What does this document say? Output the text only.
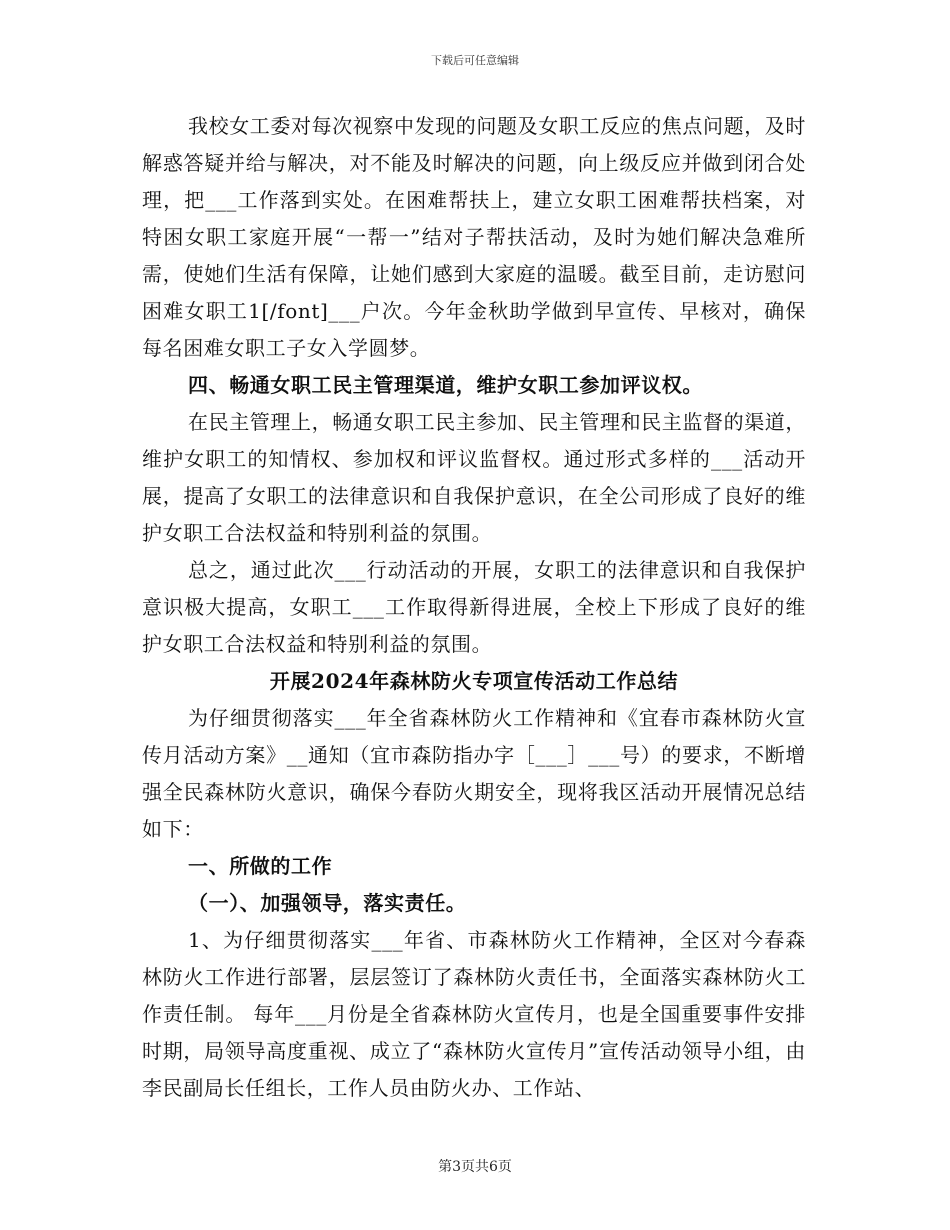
下载后可任意编辑

我校女工委对每次视察中发现的问题及女职工反应的焦点问题，及时解惑答疑并给与解决，对不能及时解决的问题，向上级反应并做到闭合处理，把___工作落到实处。在困难帮扶上，建立女职工困难帮扶档案，对特困女职工家庭开展“一帮一”结对子帮扶活动，及时为她们解决急难所需，使她们生活有保障，让她们感到大家庭的温暖。截至目前，走访慰问困难女职工1[/font]___户次。今年金秋助学做到早宣传、早核对，确保每名困难女职工子女入学圆梦。

四、畅通女职工民主管理渠道，维护女职工参加评议权。

在民主管理上，畅通女职工民主参加、民主管理和民主监督的渠道，维护女职工的知情权、参加权和评议监督权。通过形式多样的___活动开展，提高了女职工的法律意识和自我保护意识，在全公司形成了良好的维护女职工合法权益和特别利益的氛围。

总之，通过此次___行动活动的开展，女职工的法律意识和自我保护意识极大提高，女职工___工作取得新得进展，全校上下形成了良好的维护女职工合法权益和特别利益的氛围。

开展2024年森林防火专项宣传活动工作总结

为仔细贯彻落实___年全省森林防火工作精神和《宜春市森林防火宣传月活动方案》__通知（宜市森防指办字［___］___号）的要求，不断增强全民森林防火意识，确保今春防火期安全，现将我区活动开展情况总结如下：

一、所做的工作

（一）、加强领导，落实责任。

1、为仔细贯彻落实___年省、市森林防火工作精神，全区对今春森林防火工作进行部署，层层签订了森林防火责任书，全面落实森林防火工作责任制。 每年___月份是全省森林防火宣传月，也是全国重要事件安排时期，局领导高度重视、成立了“森林防火宣传月”宣传活动领导小组，由李民副局长任组长，工作人员由防火办、工作站、

第3页共6页
